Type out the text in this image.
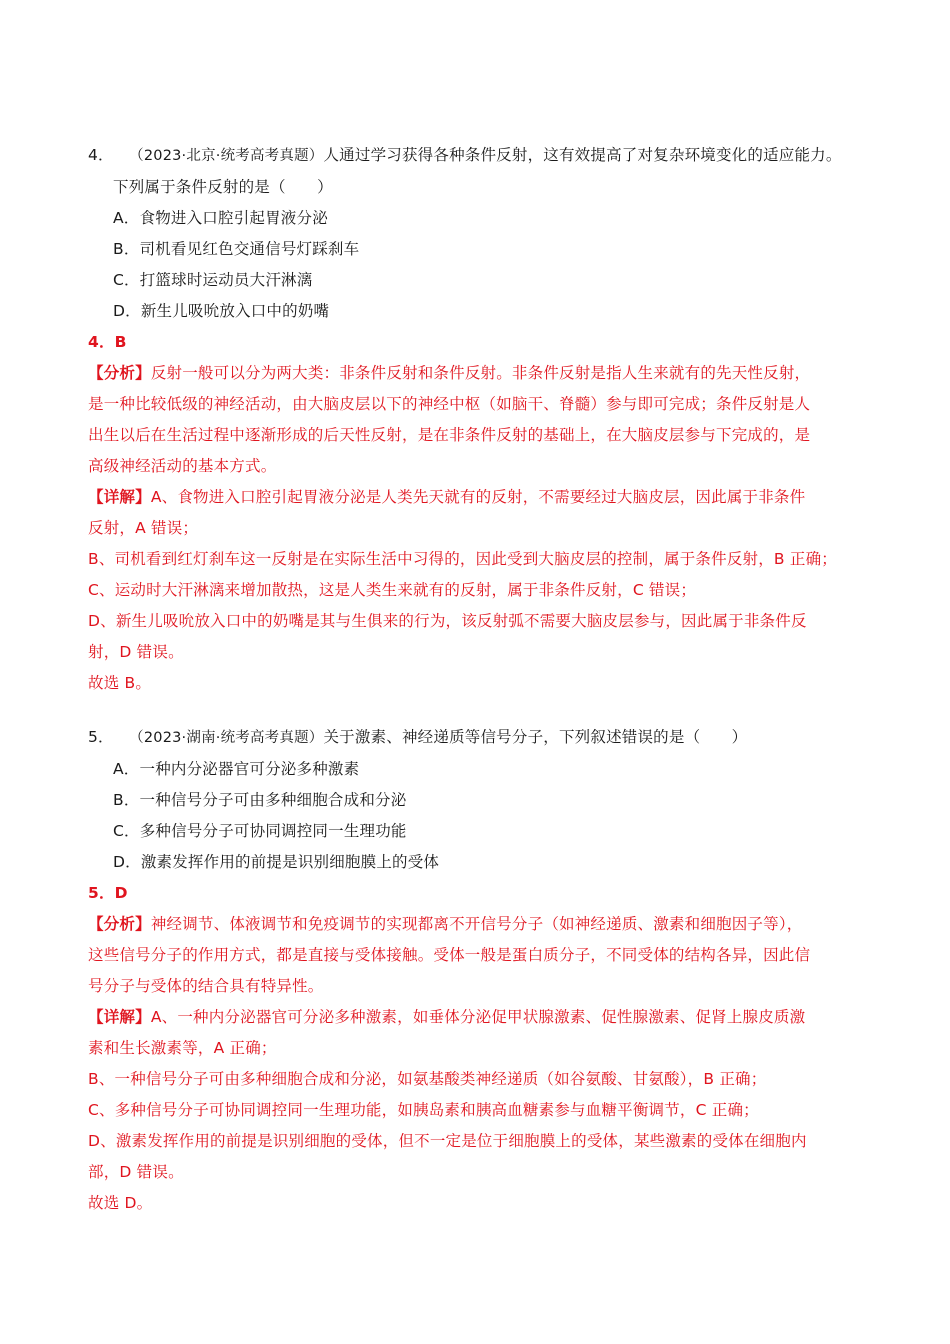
4． （2023·北京·统考高考真题）人通过学习获得各种条件反射，这有效提高了对复杂环境变化的适应能力。
下列属于条件反射的是（　　）
A．食物进入口腔引起胃液分泌
B．司机看见红色交通信号灯踩刹车
C．打篮球时运动员大汗淋漓
D．新生儿吸吮放入口中的奶嘴
4．B
【分析】反射一般可以分为两大类：非条件反射和条件反射。非条件反射是指人生来就有的先天性反射，
是一种比较低级的神经活动，由大脑皮层以下的神经中枢（如脑干、脊髓）参与即可完成；条件反射是人
出生以后在生活过程中逐渐形成的后天性反射，是在非条件反射的基础上，在大脑皮层参与下完成的，是
高级神经活动的基本方式。
【详解】A、食物进入口腔引起胃液分泌是人类先天就有的反射，不需要经过大脑皮层，因此属于非条件
反射，A 错误；
B、司机看到红灯刹车这一反射是在实际生活中习得的，因此受到大脑皮层的控制，属于条件反射，B 正确；
C、运动时大汗淋漓来增加散热，这是人类生来就有的反射，属于非条件反射，C 错误；
D、新生儿吸吮放入口中的奶嘴是其与生俱来的行为，该反射弧不需要大脑皮层参与，因此属于非条件反
射，D 错误。
故选 B。
5． （2023·湖南·统考高考真题）关于激素、神经递质等信号分子，下列叙述错误的是（　　）
A．一种内分泌器官可分泌多种激素
B．一种信号分子可由多种细胞合成和分泌
C．多种信号分子可协同调控同一生理功能
D．激素发挥作用的前提是识别细胞膜上的受体
5．D
【分析】神经调节、体液调节和免疫调节的实现都离不开信号分子（如神经递质、激素和细胞因子等），
这些信号分子的作用方式，都是直接与受体接触。受体一般是蛋白质分子，不同受体的结构各异，因此信
号分子与受体的结合具有特异性。
【详解】A、一种内分泌器官可分泌多种激素，如垂体分泌促甲状腺激素、促性腺激素、促肾上腺皮质激
素和生长激素等，A 正确；
B、一种信号分子可由多种细胞合成和分泌，如氨基酸类神经递质（如谷氨酸、甘氨酸），B 正确；
C、多种信号分子可协同调控同一生理功能，如胰岛素和胰高血糖素参与血糖平衡调节，C 正确；
D、激素发挥作用的前提是识别细胞的受体，但不一定是位于细胞膜上的受体，某些激素的受体在细胞内
部，D 错误。
故选 D。
